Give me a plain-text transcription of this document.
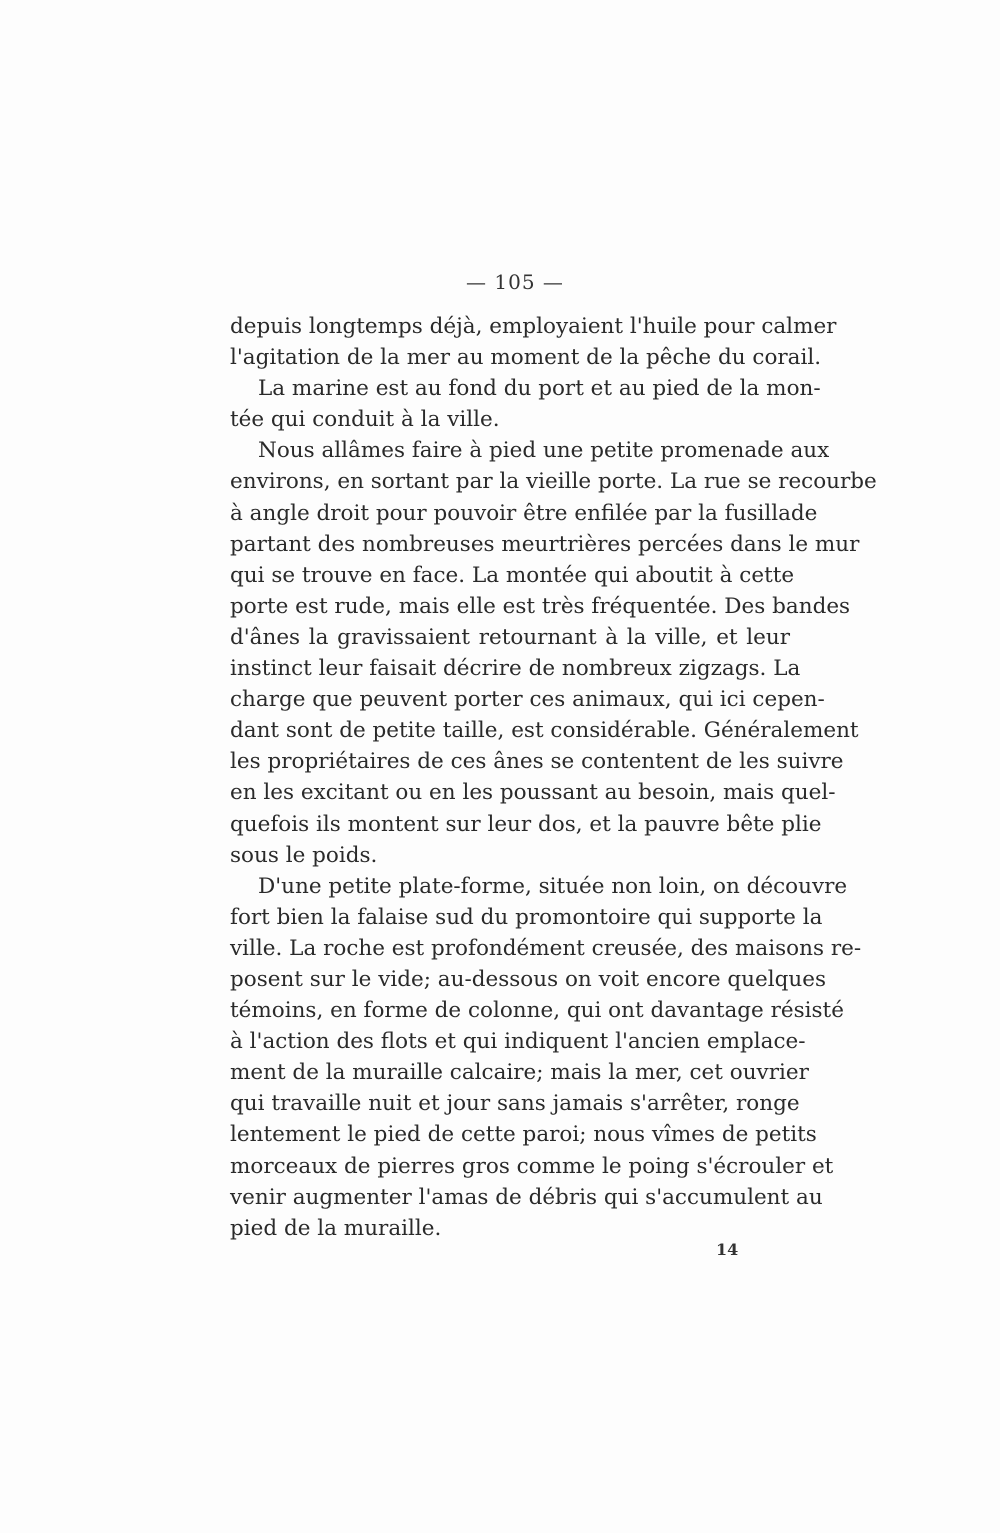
— 105 —
depuis longtemps déjà, employaient l'huile pour calmer
l'agitation de la mer au moment de la pêche du corail.
La marine est au fond du port et au pied de la mon-
tée qui conduit à la ville.
Nous allâmes faire à pied une petite promenade aux
environs, en sortant par la vieille porte. La rue se recourbe
à angle droit pour pouvoir être enfilée par la fusillade
partant des nombreuses meurtrières percées dans le mur
qui se trouve en face. La montée qui aboutit à cette
porte est rude, mais elle est très fréquentée. Des bandes
d'ânes la gravissaient retournant à la ville, et leur
instinct leur faisait décrire de nombreux zigzags. La
charge que peuvent porter ces animaux, qui ici cepen-
dant sont de petite taille, est considérable. Généralement
les propriétaires de ces ânes se contentent de les suivre
en les excitant ou en les poussant au besoin, mais quel-
quefois ils montent sur leur dos, et la pauvre bête plie
sous le poids.
D'une petite plate-forme, située non loin, on découvre
fort bien la falaise sud du promontoire qui supporte la
ville. La roche est profondément creusée, des maisons re-
posent sur le vide; au-dessous on voit encore quelques
témoins, en forme de colonne, qui ont davantage résisté
à l'action des flots et qui indiquent l'ancien emplace-
ment de la muraille calcaire; mais la mer, cet ouvrier
qui travaille nuit et jour sans jamais s'arrêter, ronge
lentement le pied de cette paroi; nous vîmes de petits
morceaux de pierres gros comme le poing s'écrouler et
venir augmenter l'amas de débris qui s'accumulent au
pied de la muraille.
14
